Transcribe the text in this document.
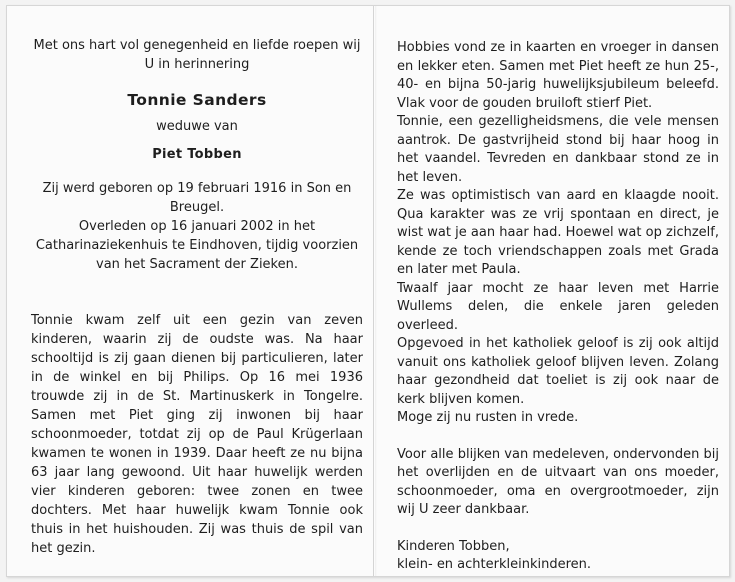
Met ons hart vol genegenheid en liefde roepen wij U in herinnering
Tonnie Sanders
weduwe van
Piet Tobben
Zij werd geboren op 19 februari 1916 in Son en Breugel.
Overleden op 16 januari 2002 in het Catharinaziekenhuis te Eindhoven, tijdig voorzien van het Sacrament der Zieken.
Tonnie kwam zelf uit een gezin van zeven kinderen, waarin zij de oudste was. Na haar schooltijd is zij gaan dienen bij particulieren, later in de winkel en bij Philips. Op 16 mei 1936 trouwde zij in de St. Martinuskerk in Tongelre. Samen met Piet ging zij inwonen bij haar schoonmoeder, totdat zij op de Paul Krügerlaan kwamen te wonen in 1939. Daar heeft ze nu bijna 63 jaar lang gewoond. Uit haar huwelijk werden vier kinderen geboren: twee zonen en twee dochters. Met haar huwelijk kwam Tonnie ook thuis in het huishouden. Zij was thuis de spil van het gezin.

Hobbies vond ze in kaarten en vroeger in dansen en lekker eten. Samen met Piet heeft ze hun 25-, 40- en bijna 50-jarig huwelijksjubileum beleefd. Vlak voor de gouden bruiloft stierf Piet.

Tonnie, een gezelligheidsmens, die vele mensen aantrok. De gastvrijheid stond bij haar hoog in het vaandel. Tevreden en dankbaar stond ze in het leven.

Ze was optimistisch van aard en klaagde nooit. Qua karakter was ze vrij spontaan en direct, je wist wat je aan haar had. Hoewel wat op zichzelf, kende ze toch vriendschappen zoals met Grada en later met Paula.

Twaalf jaar mocht ze haar leven met Harrie Wullems delen, die enkele jaren geleden overleed.

Opgevoed in het katholiek geloof is zij ook altijd vanuit ons katholiek geloof blijven leven. Zolang haar gezondheid dat toeliet is zij ook naar de kerk blijven komen.

Moge zij nu rusten in vrede.

Voor alle blijken van medeleven, ondervonden bij het overlijden en de uitvaart van ons moeder, schoonmoeder, oma en overgrootmoeder, zijn wij U zeer dankbaar.

Kinderen Tobben,
klein- en achterkleinkinderen.
